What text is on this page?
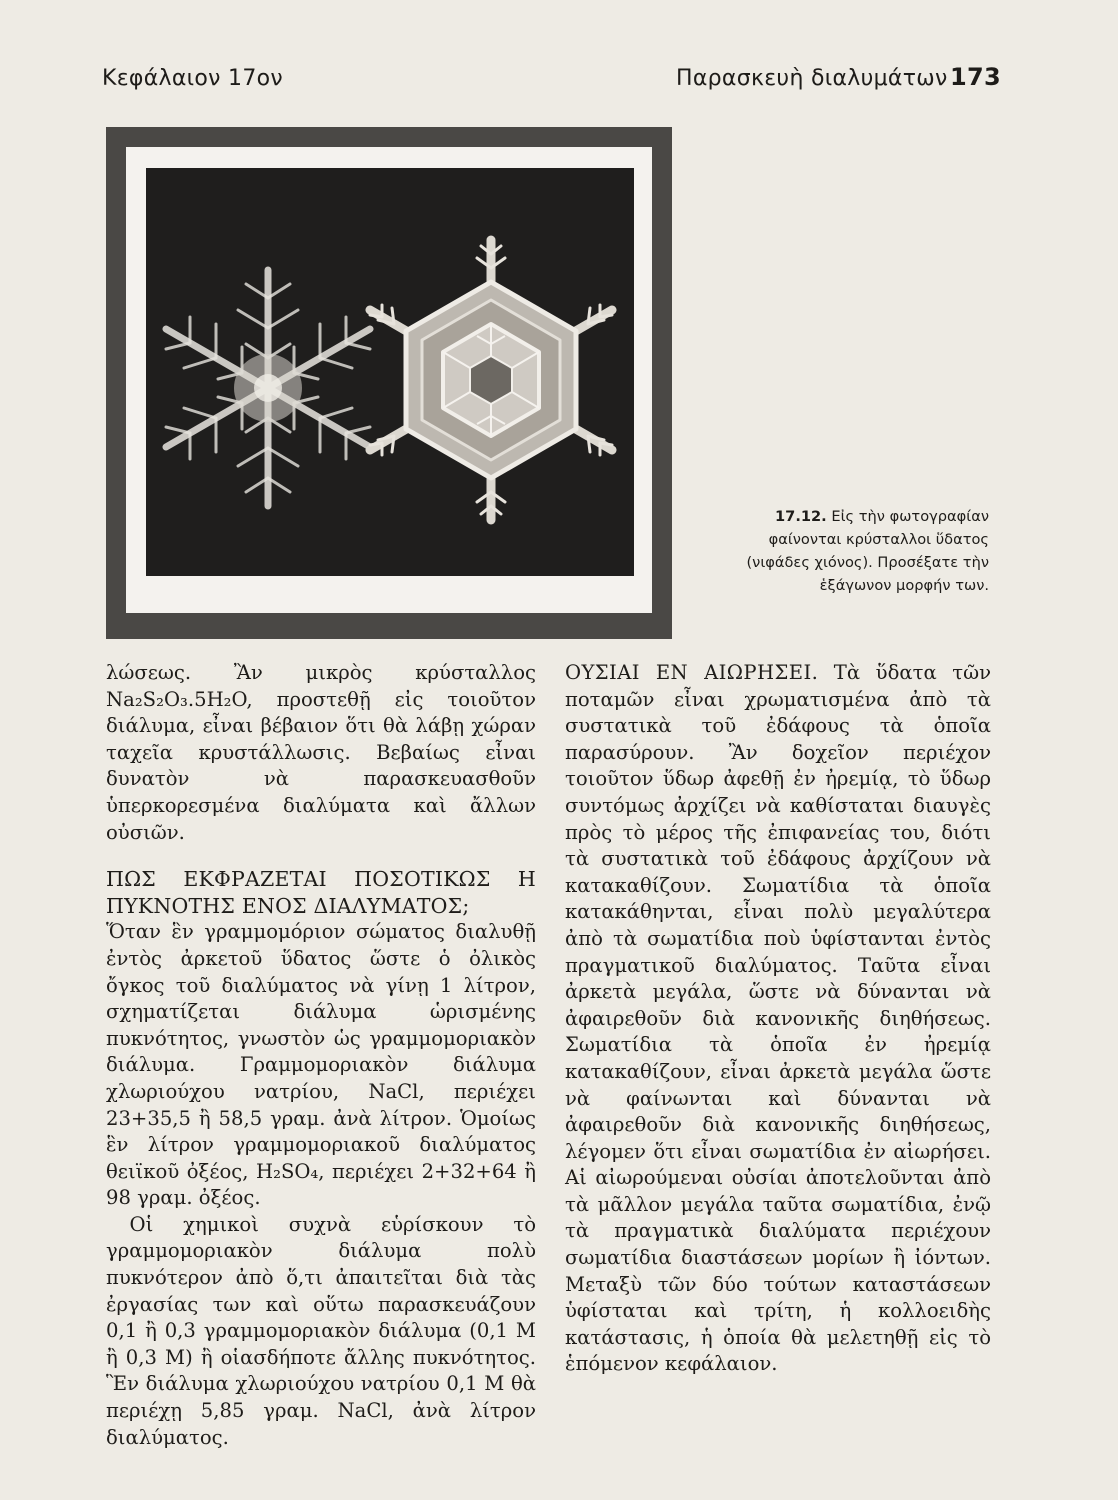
Κεφάλαιον 17ον	Παρασκευὴ διαλυμάτων 173
17.12. Εἰς τὴν φωτογραφίαν φαίνονται κρύσταλλοι ὕδατος (νιφάδες χιόνος). Προσέξατε τὴν ἑξάγωνον μορφήν των.

λώσεως. Ἂν μικρὸς κρύσταλλος Na₂S₂O₃.5H₂O, προστεθῇ εἰς τοιοῦτον διάλυμα, εἶναι βέβαιον ὅτι θὰ λάβῃ χώραν ταχεῖα κρυστάλλωσις. Βεβαίως εἶναι δυνατὸν νὰ παρασκευασθοῦν ὑπερκορεσμένα διαλύματα καὶ ἄλλων οὐσιῶν.

ΠΩΣ ΕΚΦΡΑΖΕΤΑΙ ΠΟΣΟΤΙΚΩΣ Η ΠΥΚΝΟΤΗΣ ΕΝΟΣ ΔΙΑΛΥΜΑΤΟΣ;

Ὅταν ἓν γραμμομόριον σώματος διαλυθῇ ἐντὸς ἀρκετοῦ ὕδατος ὥστε ὁ ὀλικὸς ὄγκος τοῦ διαλύματος νὰ γίνῃ 1 λίτρον, σχηματίζεται διάλυμα ὡρισμένης πυκνότητος, γνωστὸν ὡς γραμμομοριακὸν διάλυμα. Γραμμομοριακὸν διάλυμα χλωριούχου νατρίου, NaCl, περιέχει 23+35,5 ἢ 58,5 γραμ. ἀνὰ λίτρον. Ὁμοίως ἓν λίτρον γραμμομοριακοῦ διαλύματος θειϊκοῦ ὀξέος, H₂SO₄, περιέχει 2+32+64 ἢ 98 γραμ. ὀξέος.

Οἱ χημικοὶ συχνὰ εὑρίσκουν τὸ γραμμομοριακὸν διάλυμα πολὺ πυκνότερον ἀπὸ ὅ,τι ἀπαιτεῖται διὰ τὰς ἐργασίας των καὶ οὕτω παρασκευάζουν 0,1 ἢ 0,3 γραμμομοριακὸν διάλυμα (0,1 M ἢ 0,3 M) ἢ οἱασδήποτε ἄλλης πυκνότητος. Ἓν διάλυμα χλωριούχου νατρίου 0,1 M θὰ περιέχῃ 5,85 γραμ. NaCl, ἀνὰ λίτρον διαλύματος.

ΟΥΣΙΑΙ ΕΝ ΑΙΩΡΗΣΕΙ. Τὰ ὕδατα τῶν ποταμῶν εἶναι χρωματισμένα ἀπὸ τὰ συστατικὰ τοῦ ἐδάφους τὰ ὁποῖα παρασύρουν. Ἂν δοχεῖον περιέχον τοιοῦτον ὕδωρ ἀφεθῇ ἐν ἠρεμίᾳ, τὸ ὕδωρ συντόμως ἀρχίζει νὰ καθίσταται διαυγὲς πρὸς τὸ μέρος τῆς ἐπιφανείας του, διότι τὰ συστατικὰ τοῦ ἐδάφους ἀρχίζουν νὰ κατακαθίζουν. Σωματίδια τὰ ὁποῖα κατακάθηνται, εἶναι πολὺ μεγαλύτερα ἀπὸ τὰ σωματίδια ποὺ ὑφίστανται ἐντὸς πραγματικοῦ διαλύματος. Ταῦτα εἶναι ἀρκετὰ μεγάλα, ὥστε νὰ δύνανται νὰ ἀφαιρεθοῦν διὰ κανονικῆς διηθήσεως. Σωματίδια τὰ ὁποῖα ἐν ἠρεμίᾳ κατακαθίζουν, εἶναι ἀρκετὰ μεγάλα ὥστε νὰ φαίνωνται καὶ δύνανται νὰ ἀφαιρεθοῦν διὰ κανονικῆς διηθήσεως, λέγομεν ὅτι εἶναι σωματίδια ἐν αἰωρήσει. Αἱ αἰωρούμεναι οὐσίαι ἀποτελοῦνται ἀπὸ τὰ μᾶλλον μεγάλα ταῦτα σωματίδια, ἐνῷ τὰ πραγματικὰ διαλύματα περιέχουν σωματίδια διαστάσεων μορίων ἢ ἰόντων. Μεταξὺ τῶν δύο τούτων καταστάσεων ὑφίσταται καὶ τρίτη, ἡ κολλοειδὴς κατάστασις, ἡ ὁποία θὰ μελετηθῇ εἰς τὸ ἑπόμενον κεφάλαιον.
